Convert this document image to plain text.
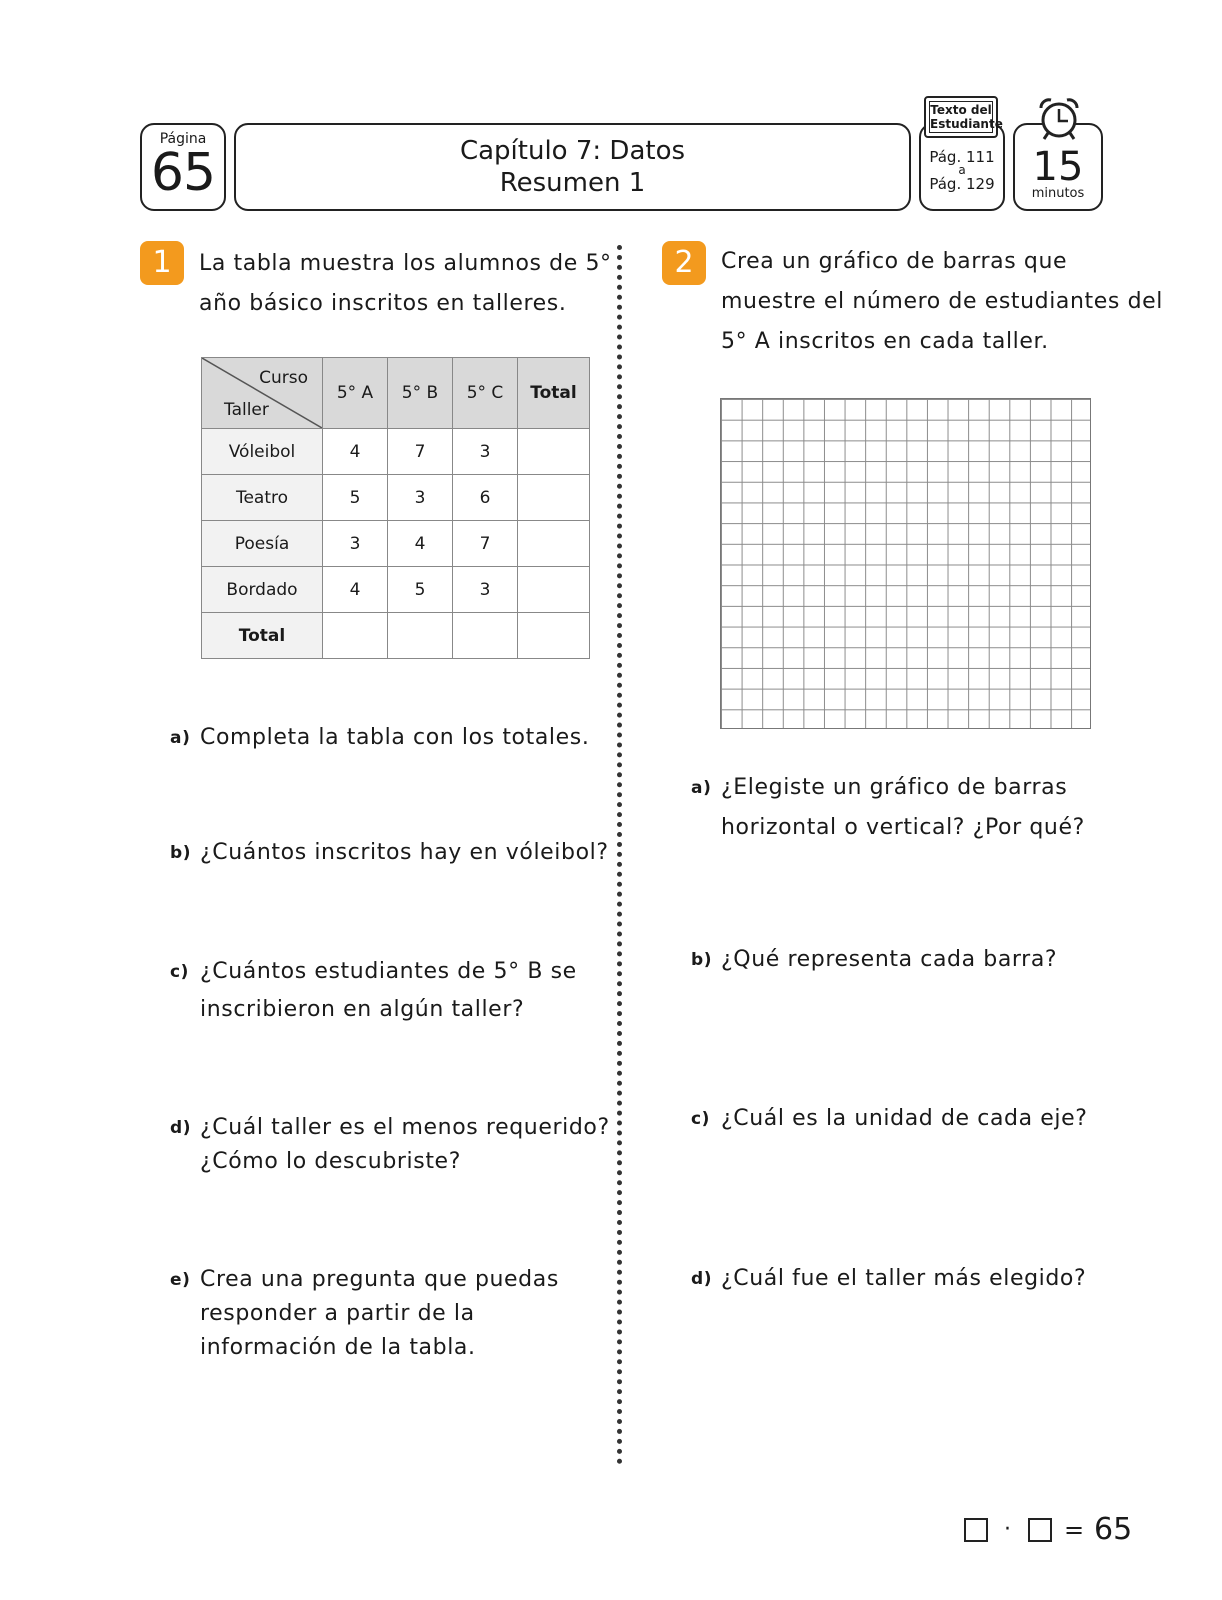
Página
65	Capítulo 7: Datos
Resumen 1
Pág. 111
a
Pág. 129
Texto del
Estudiante
15
minutos
1	La tabla muestra los alumnos de 5°
año básico inscritos en talleres.
Curso
Taller	5° A	5° B	5° C	Total
Vóleibol	4	7	3	
Teatro	5	3	6	
Poesía	3	4	7	
Bordado	4	5	3	
Total				
a) Completa la tabla con los totales.
b) ¿Cuántos inscritos hay en vóleibol?
c) ¿Cuántos estudiantes de 5° B se
inscribieron en algún taller?
d) ¿Cuál taller es el menos requerido?
¿Cómo lo descubriste?
e) Crea una pregunta que puedas
responder a partir de la
información de la tabla.
2	Crea un gráfico de barras que
muestre el número de estudiantes del
5° A inscritos en cada taller.
a) ¿Elegiste un gráfico de barras
horizontal o vertical? ¿Por qué?
b) ¿Qué representa cada barra?
c) ¿Cuál es la unidad de cada eje?
d) ¿Cuál fue el taller más elegido?
· = 65
